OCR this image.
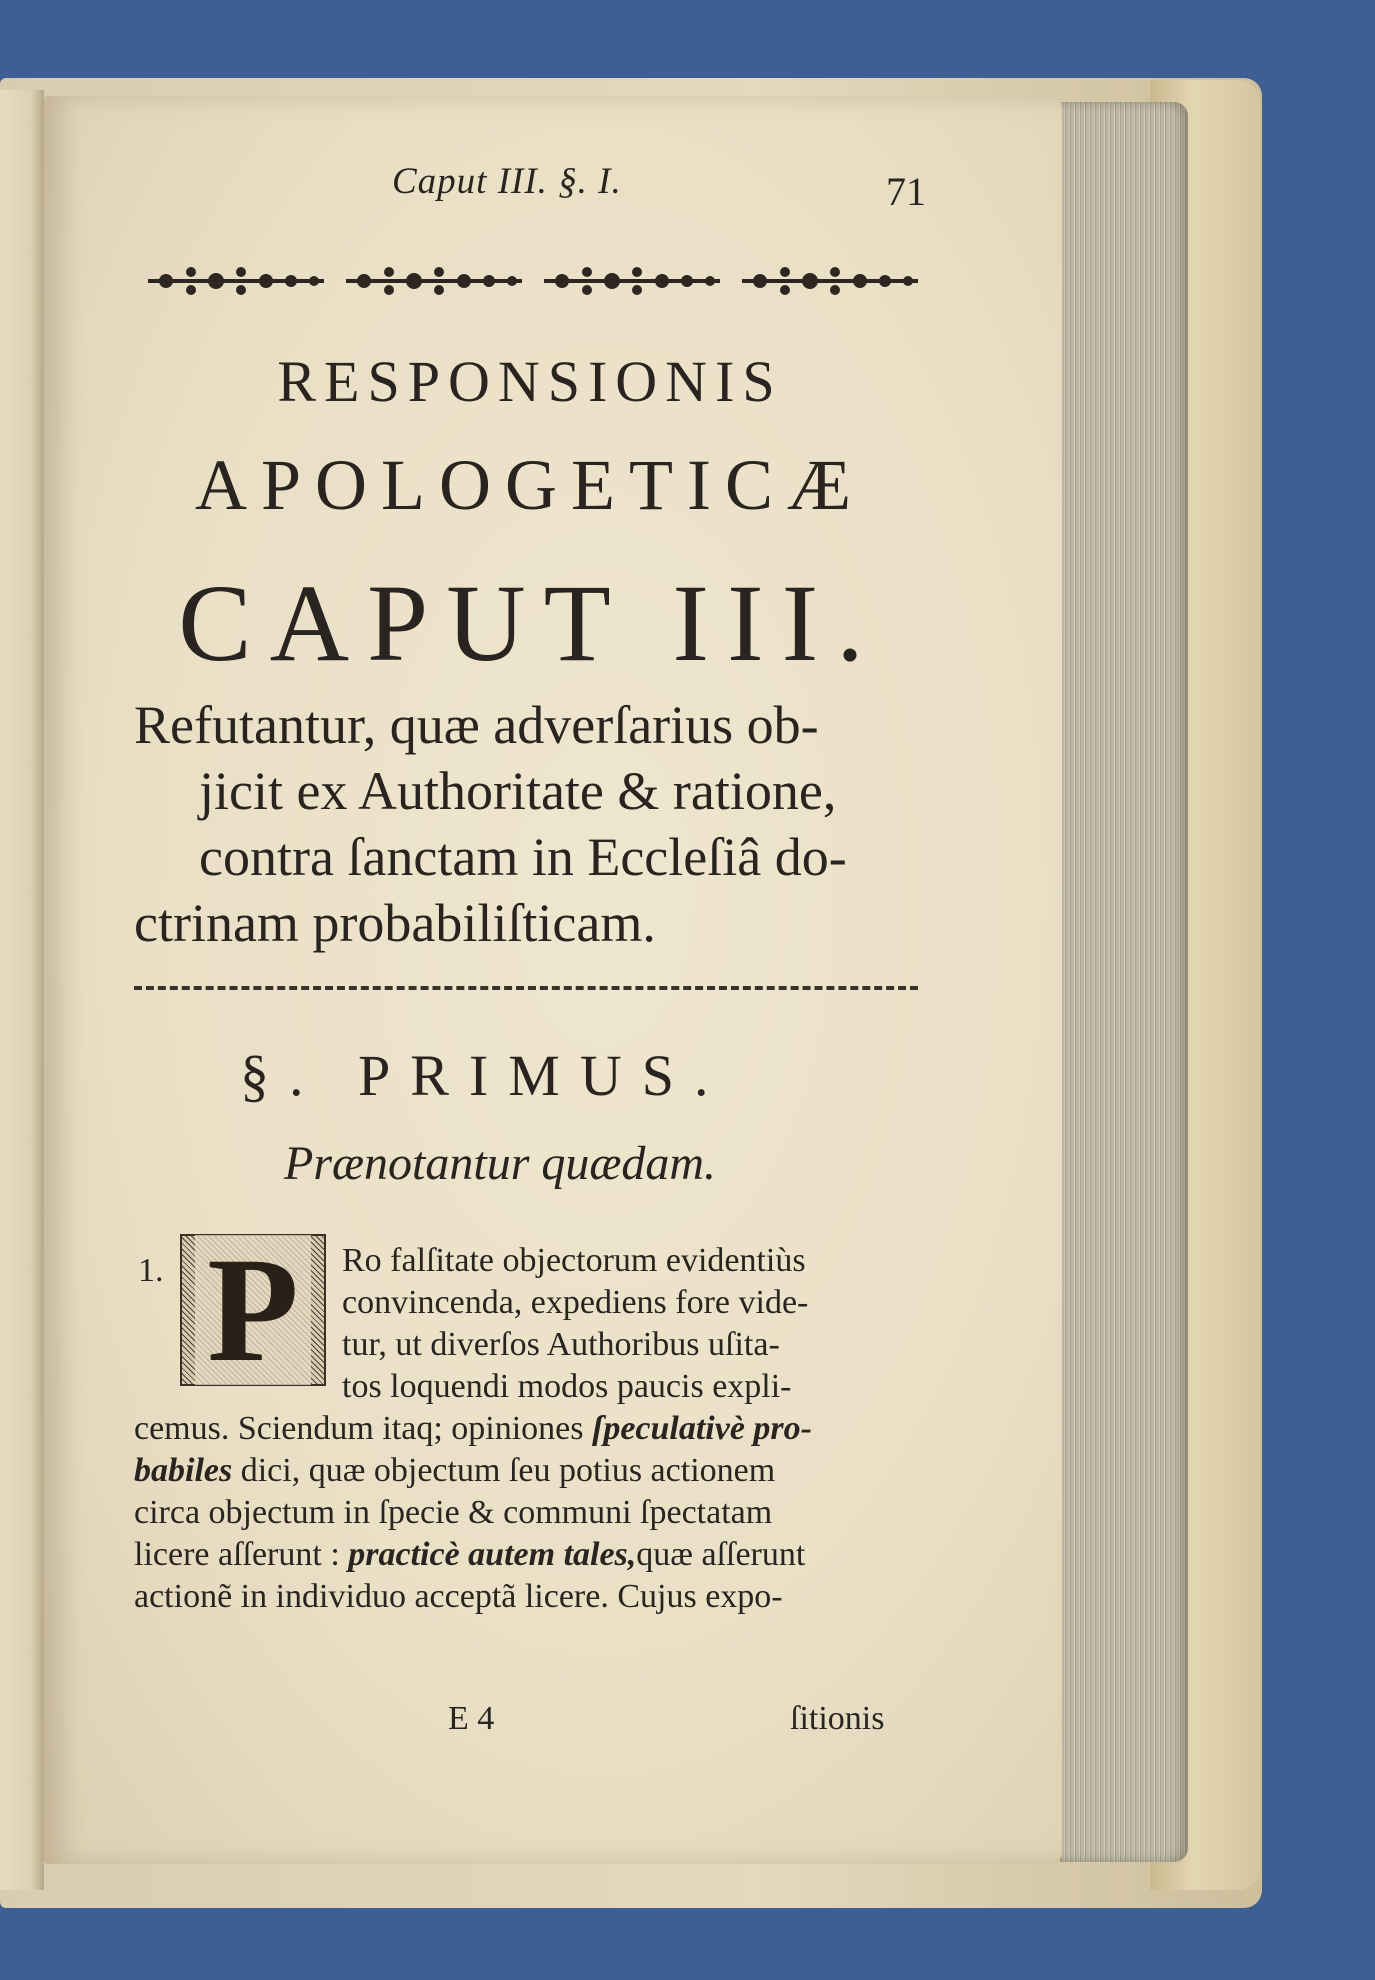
Caput III. §. I.	71
RESPONSIONIS
APOLOGETICÆ
CAPUT III.
Refutantur, quæ adverſarius ob-
jicit ex Authoritate & ratione,
contra ſanctam in Eccleſiâ do-
ctrinam probabiliſticam.
§. PRIMUS.
Prænotantur quædam.
Ro falſitate objectorum evidentiùs
convincenda, expediens fore vide-
tur, ut diverſos Authoribus uſita-
tos loquendi modos paucis expli-
cemus. Sciendum itaq; opiniones ſpeculativè pro-
babiles dici, quæ objectum ſeu potius actionem
circa objectum in ſpecie & communi ſpectatam
licere aſſerunt : practicè autem tales,quæ aſſerunt
actionẽ in individuo acceptã licere. Cujus expo-
1. P
E 4	ſitionis
